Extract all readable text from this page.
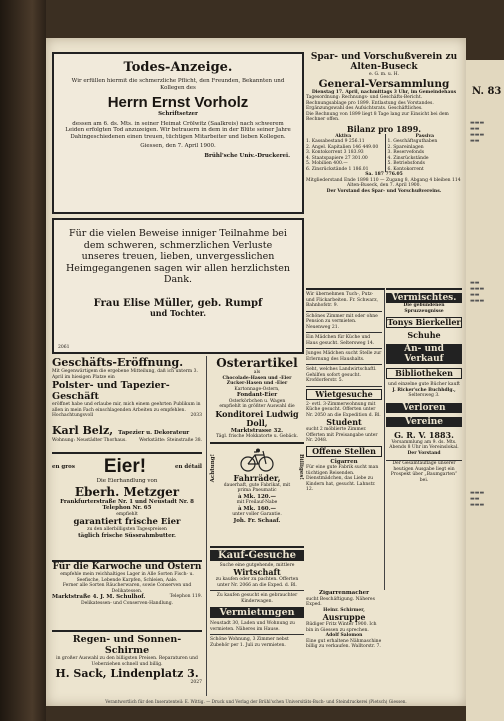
N. 83
▬▬▬
▬▬
▬▬▬
▬▬
▬▬
▬▬▬
▬▬
▬▬▬
▬▬▬
▬▬
▬▬▬
Todes-Anzeige.
Wir erfüllen hiermit die schmerzliche Pflicht, den Freunden, Bekannten und Kollegen des
Herrn Ernst Vorholz
Schriftsetzer
dessen am 6. ds. Mts. in seiner Heimat Crölwitz (Saalkreis) nach schwerem Leiden erfolgten Tod anzuzeigen. Wir betrauern in dem in der Blüte seiner Jahre Dahingeschiedenen einen treuen, tüchtigen Mitarbeiter und lieben Kollegen.
Giessen, den 7. April 1900.
Brühl'sche Univ.-Druckerei.
Für die vielen Beweise inniger Teilnahme bei dem schweren, schmerzlichen Verluste unseres treuen, lieben, unvergesslichen Heimgegangenen sagen wir allen herzlichsten Dank.
Frau Elise Müller, geb. Rumpf
und Tochter.
2061
Geschäfts-Eröffnung.
Mit Gegenwärtigem die ergebene Mitteilung, daß ich unterm 3. April im hiesigen Platze ein
Polster- und Tapezier-Geschäft
eröffnet habe und erlaube mir, mich einem geehrten Publikum in allen in mein Fach einschlagenden Arbeiten zu empfehlen.
Hochachtungsvoll	2033
Karl Belz, Tapezier u. Dekorateur
Wohnung: Neustädter Thorhaus.	Werkstätte: Steinstraße 38.
en gros Eier!	en détail
Die Eierhandlung von
Eberh. Metzger
Frankfurterstraße Nr. 1 und Neustadt Nr. 8
Telephon Nr. 65
empfiehlt
garantiert frische Eier
zu den allerbilligsten Tagespreisen
täglich frische Süssrahmbutter.
Für die Karwoche und Ostern
empfehle mein reichhaltiges Lager in Alle Sorten Fisch- u. Seefische, Lebende Karpfen, Schleien, Aale.
Ferner alle Sorten Räucherwaren, sowie Conserven und Delikatessen.
Marktstraße 4. J. M. Schulhof.	Telephon 119.
Delikatessen- und Conserven-Handlung.
Regen- und Sonnen-Schirme
in großer Auswahl zu den billigsten Preisen. Reparaturen und Ueberziehen schnell und billig.
H. Sack, Lindenplatz 3.
2027
Osterartikel
als
Chocolade-Hasen und -Eier
Zucker-Hasen und -Eier
Kartonnage-Ostern,
Fondant-Eier
Osterkörbchen u. Wagen
empfiehlt in größter Auswahl die
Konditorei Ludwig Doll,
Marktstrasse 32.
Tägl. frische Mokkatorte u. Gebäck.
Achtung!	Billiges!
Fahrräder,
dauerhaft, gute Fabrikat, mit prima Pneumatic
à Mk. 120.—
mit Freilauf-Nabe
à Mk. 160.—
unter voller Garantie.
Joh. Fr. Schaaf.
Kauf-Gesuche
Suche eine gutgehende, mittlere
Wirtschaft
zu kaufen oder zu pachten. Offerten unter Nr. 2066 an die Exped. d. Bl.
Zu kaufen gesucht ein gebrauchter Kinderwagen.
Vermietungen
Neustadt 30, Laden und Wohnung zu vermieten. Näheres im Hause.
Schöne Wohnung, 3 Zimmer nebst Zubehör per 1. Juli zu vermieten.
Spar- und Vorschußverein zu Alten-Buseck
e. G. m. u. H.
General-Versammlung
Dienstag 17. April, nachmittags 3 Uhr, im Gemeindehaus
Tagesordnung: Rechnungs- und Geschäfts-Bericht. Rechnungsablage pro 1899. Entlastung des Vorstandes. Ergänzungswahl des Aufsichtsrats. Geschäftliches.
Die Rechnung von 1899 liegt 8 Tage lang zur Einsicht bei dem Rechner offen.
Bilanz pro 1899.
Aktiva
1. Kassabestand 9 256.11
2. Angel. Kapitalien 146 449.00
3. Kontokorrent 3 183.93
4. Staatspapiere 27 301.00
5. Mobilien 400.—
6. Zinsrückstände 1 186.01
Passiva
1. Geschäftsguthaben
2. Spareinlagen
3. Reservefonds
4. Zinsrückstände
5. Betriebsfonds
6. Kontokorrent
Sa. 187 776.05
Mitgliederstand Ende 1898 110 — Zugang 8, Abgang 4 bleiben 114
Alten-Buseck, den 7. April 1900.
Der Vorstand des Spar- und Vorschußvereins.
Wir übernehmen Tuch-, Putz- und Flickarbeiten. Fr. Schwarz, Bahnhofstr. 9.
Schönes Zimmer mit oder ohne Pension zu vermieten. Neuenweg 21.
Ein Mädchen für Küche und Haus gesucht. Seltersweg 14.
Junges Mädchen sucht Stelle zur Erlernung des Haushalts.
Seht, welches Landwirtschaftl. Gehilfen sofort gesucht. Krofdorferstr. 5.
Wietgesuche
2- evtl. 3-Zimmerwohnung mit Küche gesucht. Offerten unter Nr. 2050 an die Expedition d. Bl.
Student
sucht 2 möblierte Zimmer. Offerten mit Preisangabe unter Nr. 2048.
Offene Stellen
Cigarren
Für eine gute Fabrik sucht man tüchtigen Reisenden.
Dienstmädchen, das Liebe zu Kindern hat, gesucht. Lahnstr. 12.
Zigarrenmacher
sucht Beschäftigung. Näheres Exped.
Heinr. Schirmer,
Ausruppe
Rüdiger Fritz Winter 1900. Ich bin in Giessen zu sprechen.
Adolf Salomon
Eine gut erhaltene Nähmaschine billig zu verkaufen. Walltorstr. 7.
Vermischtes.
Die gebundenen Spruzzeugnisse
Tonys Bierkeller
Schuhe
An- und Verkauf
Bibliotheken
und einzelne gute Bücher kauft
J. Ricker'sche Buchhdlg.,
Seltersweg 3.
Verloren
Vereine
G. R. V. 1883.
Versammlung am 9. ds. Mts. Abends 8 Uhr im Vereinslokal.
Der Vorstand
Der Gesamtauflage unserer heutigen Ausgabe liegt ein Prospekt über „Baumgarten“ bei.
Verantwortlich für den Inseratenteil: E. Wittig. — Druck und Verlag der Brühl'schen Universitäts-Buch- und Steindruckerei (Pietsch) Giessen.
